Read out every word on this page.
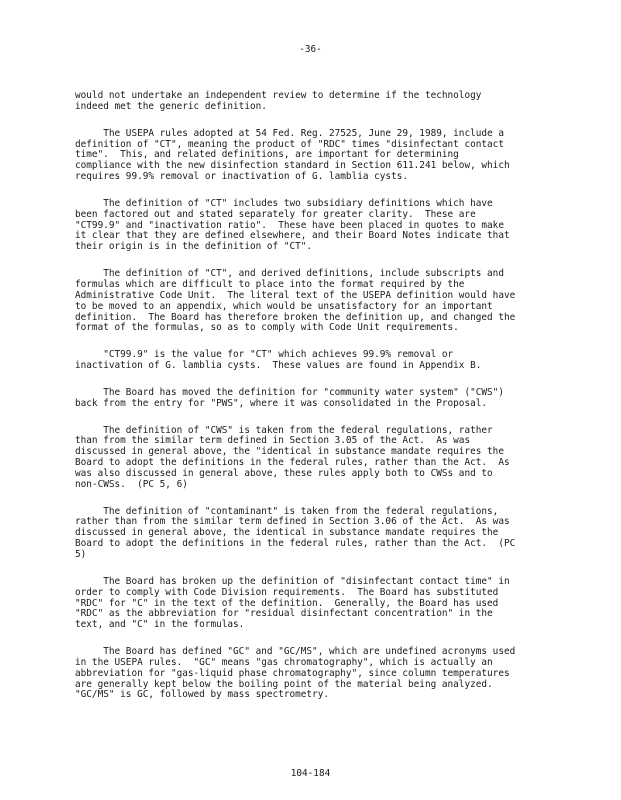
-36-

would not undertake an independent review to determine if the technology
indeed met the generic definition.

The USEPA rules adopted at 54 Fed. Reg. 27525, June 29, 1989, include a
definition of "CT", meaning the product of "RDC" times "disinfectant contact
time".  This, and related definitions, are important for determining
compliance with the new disinfection standard in Section 611.241 below, which
requires 99.9% removal or inactivation of G. lamblia cysts.

The definition of "CT" includes two subsidiary definitions which have
been factored out and stated separately for greater clarity.  These are
"CT99.9" and "inactivation ratio".  These have been placed in quotes to make
it clear that they are defined elsewhere, and their Board Notes indicate that
their origin is in the definition of "CT".

The definition of "CT", and derived definitions, include subscripts and
formulas which are difficult to place into the format required by the
Administrative Code Unit.  The literal text of the USEPA definition would have
to be moved to an appendix, which would be unsatisfactory for an important
definition.  The Board has therefore broken the definition up, and changed the
format of the formulas, so as to comply with Code Unit requirements.

"CT99.9" is the value for "CT" which achieves 99.9% removal or
inactivation of G. lamblia cysts.  These values are found in Appendix B.

The Board has moved the definition for "community water system" ("CWS")
back from the entry for "PWS", where it was consolidated in the Proposal.

The definition of "CWS" is taken from the federal regulations, rather
than from the similar term defined in Section 3.05 of the Act.  As was
discussed in general above, the "identical in substance mandate requires the
Board to adopt the definitions in the federal rules, rather than the Act.  As
was also discussed in general above, these rules apply both to CWSs and to
non-CWSs.  (PC 5, 6)

The definition of "contaminant" is taken from the federal regulations,
rather than from the similar term defined in Section 3.06 of the Act.  As was
discussed in general above, the identical in substance mandate requires the
Board to adopt the definitions in the federal rules, rather than the Act.  (PC
5)

The Board has broken up the definition of "disinfectant contact time" in
order to comply with Code Division requirements.  The Board has substituted
"RDC" for "C" in the text of the definition.  Generally, the Board has used
"RDC" as the abbreviation for "residual disinfectant concentration" in the
text, and "C" in the formulas.

The Board has defined "GC" and "GC/MS", which are undefined acronyms used
in the USEPA rules.  "GC" means "gas chromatography", which is actually an
abbreviation for "gas-liquid phase chromatography", since column temperatures
are generally kept below the boiling point of the material being analyzed.
"GC/MS" is GC, followed by mass spectrometry.

104-184
